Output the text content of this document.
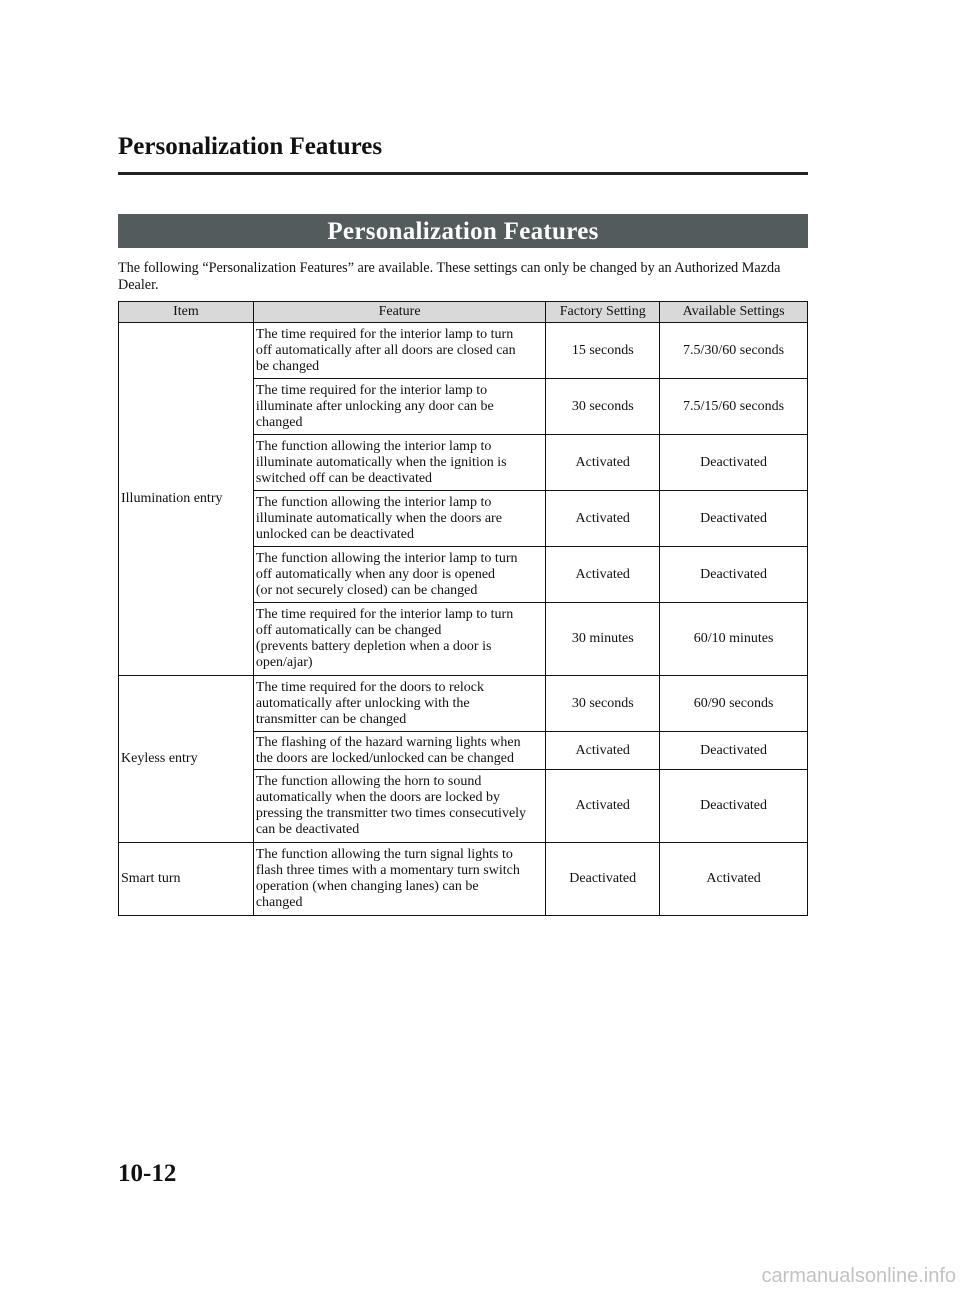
Personalization Features
Personalization Features

The following “Personalization Features” are available. These settings can only be changed by an Authorized Mazda Dealer.

Item	Feature	Factory Setting	Available Settings
Illumination entry	The time required for the interior lamp to turn
off automatically after all doors are closed can
be changed	15 seconds	7.5/30/60 seconds
	The time required for the interior lamp to
illuminate after unlocking any door can be
changed	30 seconds	7.5/15/60 seconds
	The function allowing the interior lamp to
illuminate automatically when the ignition is
switched off can be deactivated	Activated	Deactivated
	The function allowing the interior lamp to
illuminate automatically when the doors are
unlocked can be deactivated	Activated	Deactivated
	The function allowing the interior lamp to turn
off automatically when any door is opened
(or not securely closed) can be changed	Activated	Deactivated
	The time required for the interior lamp to turn
off automatically can be changed
(prevents battery depletion when a door is
open/ajar)	30 minutes	60/10 minutes
Keyless entry	The time required for the doors to relock
automatically after unlocking with the
transmitter can be changed	30 seconds	60/90 seconds
	The flashing of the hazard warning lights when
the doors are locked/unlocked can be changed	Activated	Deactivated
	The function allowing the horn to sound
automatically when the doors are locked by
pressing the transmitter two times consecutively
can be deactivated	Activated	Deactivated
Smart turn	The function allowing the turn signal lights to
flash three times with a momentary turn switch
operation (when changing lanes) can be
changed	Deactivated	Activated
10-12
carmanualsonline.info
